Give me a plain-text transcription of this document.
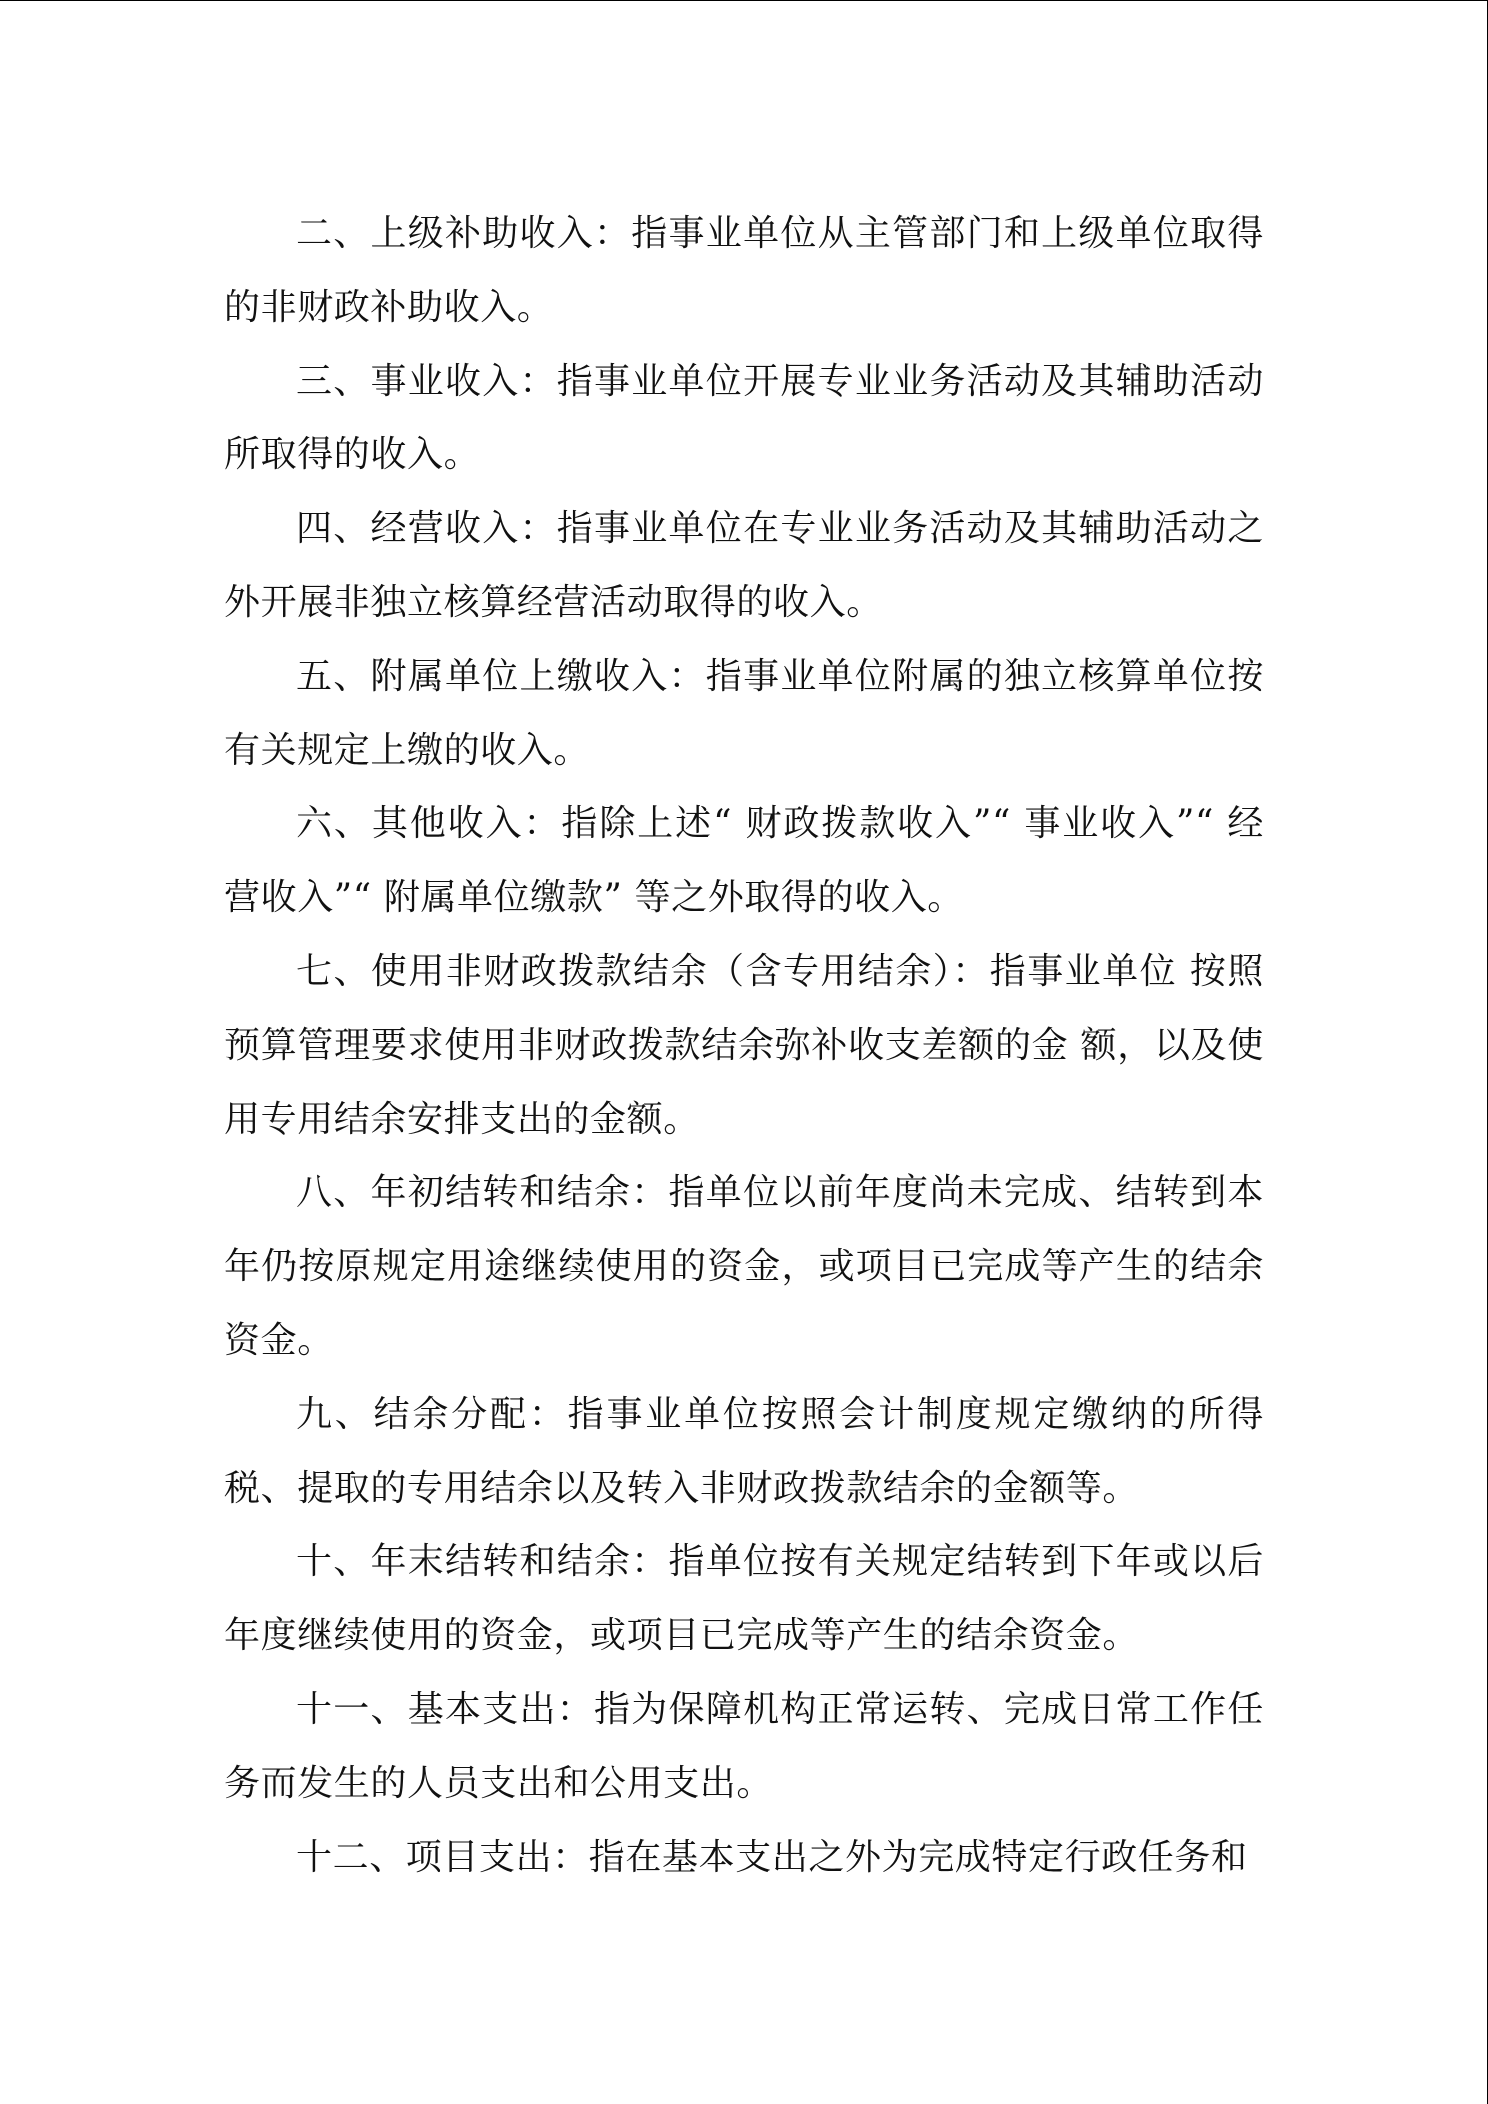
二、上级补助收入：指事业单位从主管部门和上级单位取得的非财政补助收入。

三、事业收入：指事业单位开展专业业务活动及其辅助活动所取得的收入。

四、经营收入：指事业单位在专业业务活动及其辅助活动之外开展非独立核算经营活动取得的收入。

五、附属单位上缴收入：指事业单位附属的独立核算单位按有关规定上缴的收入。

六、其他收入：指除上述“ 财政拨款收入”“ 事业收入”“ 经营收入”“ 附属单位缴款” 等之外取得的收入。

七、使用非财政拨款结余（含专用结余）：指事业单位 按照预算管理要求使用非财政拨款结余弥补收支差额的金 额，以及使用专用结余安排支出的金额。

八、年初结转和结余：指单位以前年度尚未完成、结转到本年仍按原规定用途继续使用的资金，或项目已完成等产生的结余资金。

九、结余分配：指事业单位按照会计制度规定缴纳的所得税、提取的专用结余以及转入非财政拨款结余的金额等。

十、年末结转和结余：指单位按有关规定结转到下年或以后年度继续使用的资金，或项目已完成等产生的结余资金。

十一、基本支出：指为保障机构正常运转、完成日常工作任务而发生的人员支出和公用支出。

十二、项目支出：指在基本支出之外为完成特定行政任务和
